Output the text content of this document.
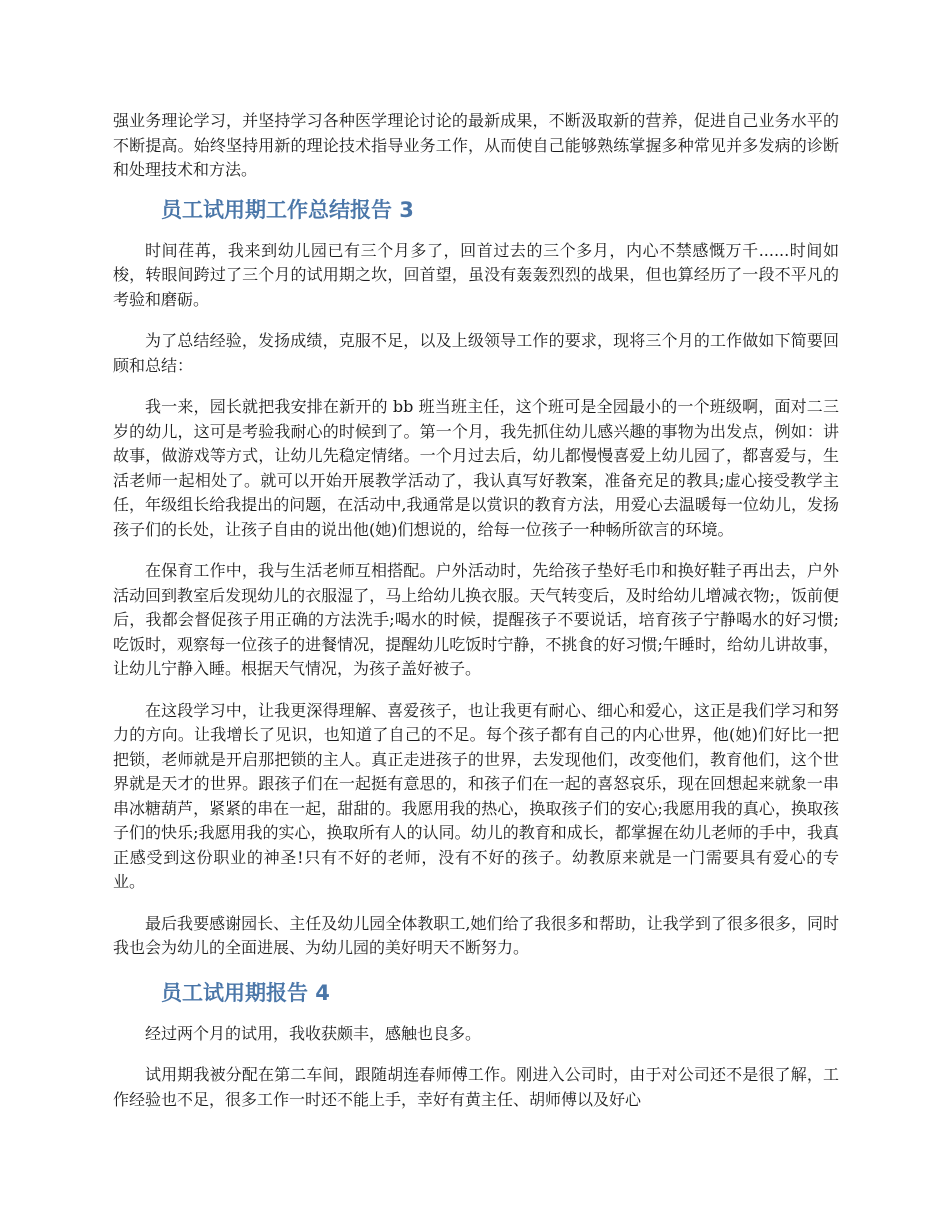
强业务理论学习，并坚持学习各种医学理论讨论的最新成果，不断汲取新的营养，促进自己业务水平的不断提高。始终坚持用新的理论技术指导业务工作，从而使自己能够熟练掌握多种常见并多发病的诊断和处理技术和方法。

员工试用期工作总结报告 3

时间荏苒，我来到幼儿园已有三个月多了，回首过去的三个多月，内心不禁感慨万千......时间如梭，转眼间跨过了三个月的试用期之坎，回首望，虽没有轰轰烈烈的战果，但也算经历了一段不平凡的考验和磨砺。

为了总结经验，发扬成绩，克服不足，以及上级领导工作的要求，现将三个月的工作做如下简要回顾和总结：

我一来，园长就把我安排在新开的 bb 班当班主任，这个班可是全园最小的一个班级啊，面对二三岁的幼儿，这可是考验我耐心的时候到了。第一个月，我先抓住幼儿感兴趣的事物为出发点，例如：讲故事，做游戏等方式，让幼儿先稳定情绪。一个月过去后，幼儿都慢慢喜爱上幼儿园了，都喜爱与，生活老师一起相处了。就可以开始开展教学活动了，我认真写好教案，准备充足的教具;虚心接受教学主任，年级组长给我提出的问题，在活动中,我通常是以赏识的教育方法，用爱心去温暖每一位幼儿，发扬孩子们的长处，让孩子自由的说出他(她)们想说的，给每一位孩子一种畅所欲言的环境。

在保育工作中，我与生活老师互相搭配。户外活动时，先给孩子垫好毛巾和换好鞋子再出去，户外活动回到教室后发现幼儿的衣服湿了，马上给幼儿换衣服。天气转变后，及时给幼儿增减衣物;，饭前便后，我都会督促孩子用正确的方法洗手;喝水的时候，提醒孩子不要说话，培育孩子宁静喝水的好习惯;吃饭时，观察每一位孩子的进餐情况，提醒幼儿吃饭时宁静，不挑食的好习惯;午睡时，给幼儿讲故事，让幼儿宁静入睡。根据天气情况，为孩子盖好被子。

在这段学习中，让我更深得理解、喜爱孩子，也让我更有耐心、细心和爱心，这正是我们学习和努力的方向。让我增长了见识，也知道了自己的不足。每个孩子都有自己的内心世界，他(她)们好比一把把锁，老师就是开启那把锁的主人。真正走进孩子的世界，去发现他们，改变他们，教育他们，这个世界就是天才的世界。跟孩子们在一起挺有意思的，和孩子们在一起的喜怒哀乐，现在回想起来就象一串串冰糖葫芦，紧紧的串在一起，甜甜的。我愿用我的热心，换取孩子们的安心;我愿用我的真心，换取孩子们的快乐;我愿用我的实心，换取所有人的认同。幼儿的教育和成长，都掌握在幼儿老师的手中，我真正感受到这份职业的神圣!只有不好的老师，没有不好的孩子。幼教原来就是一门需要具有爱心的专业。

最后我要感谢园长、主任及幼儿园全体教职工,她们给了我很多和帮助，让我学到了很多很多，同时我也会为幼儿的全面进展、为幼儿园的美好明天不断努力。

员工试用期报告 4

经过两个月的试用，我收获颇丰，感触也良多。

试用期我被分配在第二车间，跟随胡连春师傅工作。刚进入公司时，由于对公司还不是很了解，工作经验也不足，很多工作一时还不能上手，幸好有黄主任、胡师傅以及好心
